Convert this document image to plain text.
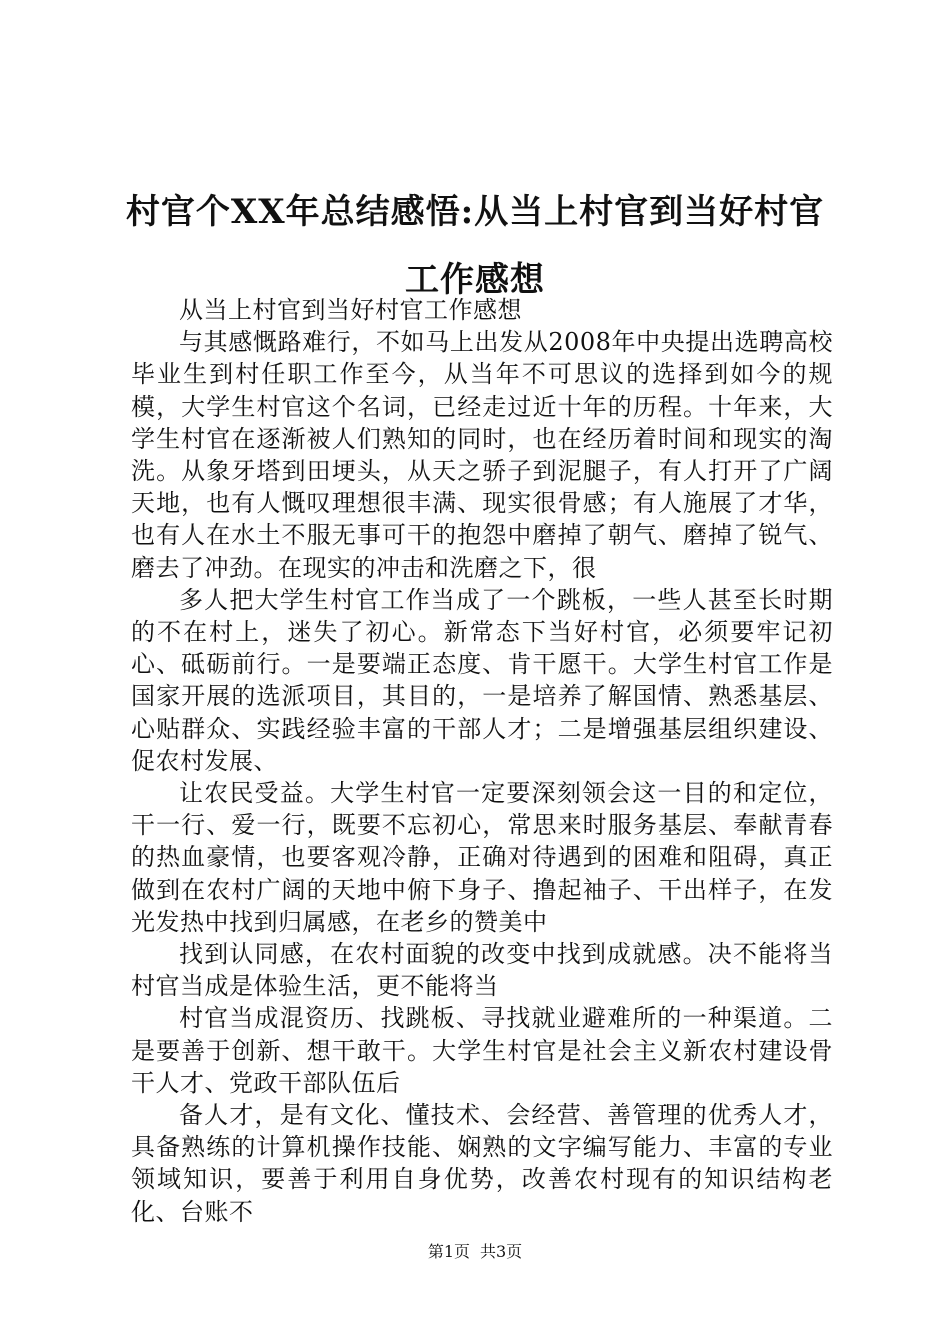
村官个XX年总结感悟:从当上村官到当好村官
工作感想

从当上村官到当好村官工作感想

与其感慨路难行，不如马上出发从2008年中央提出选聘高校毕业生到村任职工作至今，从当年不可思议的选择到如今的规模，大学生村官这个名词，已经走过近十年的历程。十年来，大学生村官在逐渐被人们熟知的同时，也在经历着时间和现实的淘洗。从象牙塔到田埂头，从天之骄子到泥腿子，有人打开了广阔天地，也有人慨叹理想很丰满、现实很骨感；有人施展了才华，也有人在水土不服无事可干的抱怨中磨掉了朝气、磨掉了锐气、磨去了冲劲。在现实的冲击和洗磨之下，很

多人把大学生村官工作当成了一个跳板，一些人甚至长时期的不在村上，迷失了初心。新常态下当好村官，必须要牢记初心、砥砺前行。一是要端正态度、肯干愿干。大学生村官工作是国家开展的选派项目，其目的，一是培养了解国情、熟悉基层、心贴群众、实践经验丰富的干部人才；二是增强基层组织建设、促农村发展、

让农民受益。大学生村官一定要深刻领会这一目的和定位，干一行、爱一行，既要不忘初心，常思来时服务基层、奉献青春的热血豪情，也要客观冷静，正确对待遇到的困难和阻碍，真正做到在农村广阔的天地中俯下身子、撸起袖子、干出样子，在发光发热中找到归属感，在老乡的赞美中

找到认同感，在农村面貌的改变中找到成就感。决不能将当村官当成是体验生活，更不能将当

村官当成混资历、找跳板、寻找就业避难所的一种渠道。二是要善于创新、想干敢干。大学生村官是社会主义新农村建设骨干人才、党政干部队伍后

备人才，是有文化、懂技术、会经营、善管理的优秀人才，具备熟练的计算机操作技能、娴熟的文字编写能力、丰富的专业领域知识，要善于利用自身优势，改善农村现有的知识结构老化、台账不

第1页 共3页
